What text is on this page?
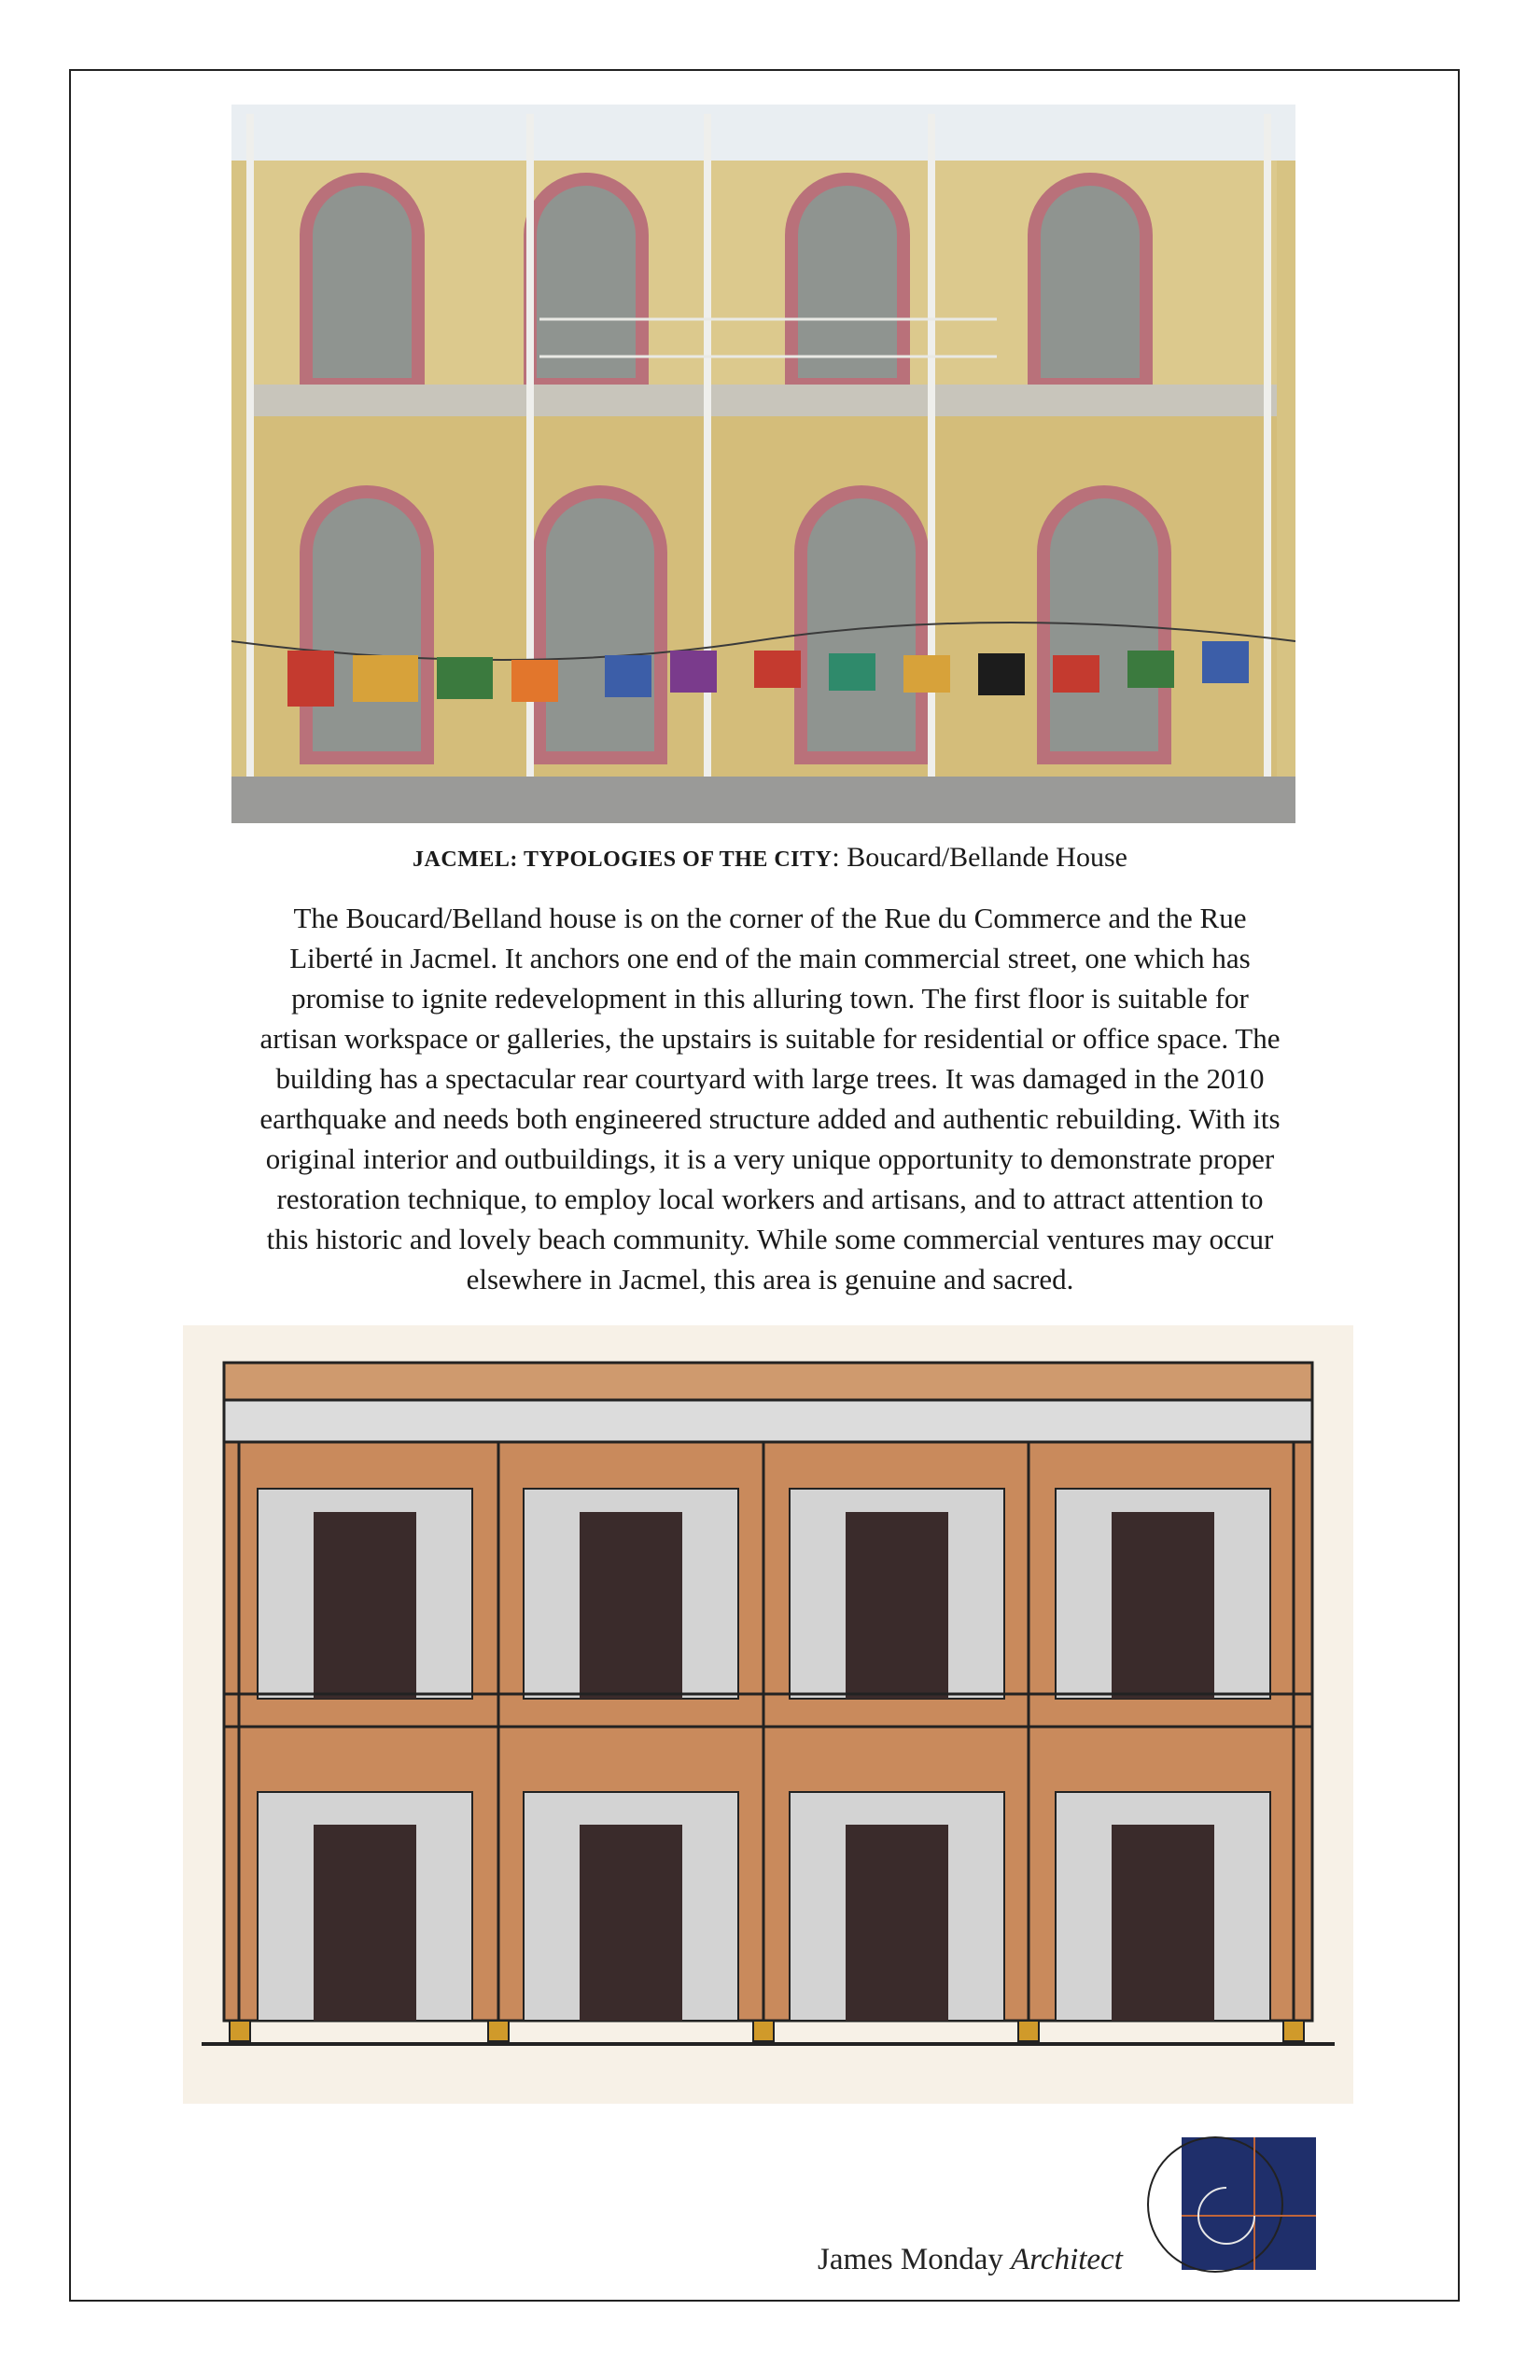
JACMEL: TYPOLOGIES OF THE CITY: Boucard/Bellande House

The Boucard/Belland house is on the corner of the Rue du Commerce and the Rue Liberté in Jacmel. It anchors one end of the main commercial street, one which has promise to ignite redevelopment in this alluring town. The first floor is suitable for artisan workspace or galleries, the upstairs is suitable for residential or office space. The building has a spectacular rear courtyard with large trees. It was damaged in the 2010 earthquake and needs both engineered structure added and authentic rebuilding. With its original interior and outbuildings, it is a very unique opportunity to demonstrate proper restoration technique, to employ local workers and artisans, and to attract attention to this historic and lovely beach community. While some commercial ventures may occur elsewhere in Jacmel, this area is genuine and sacred.

James Monday Architect
